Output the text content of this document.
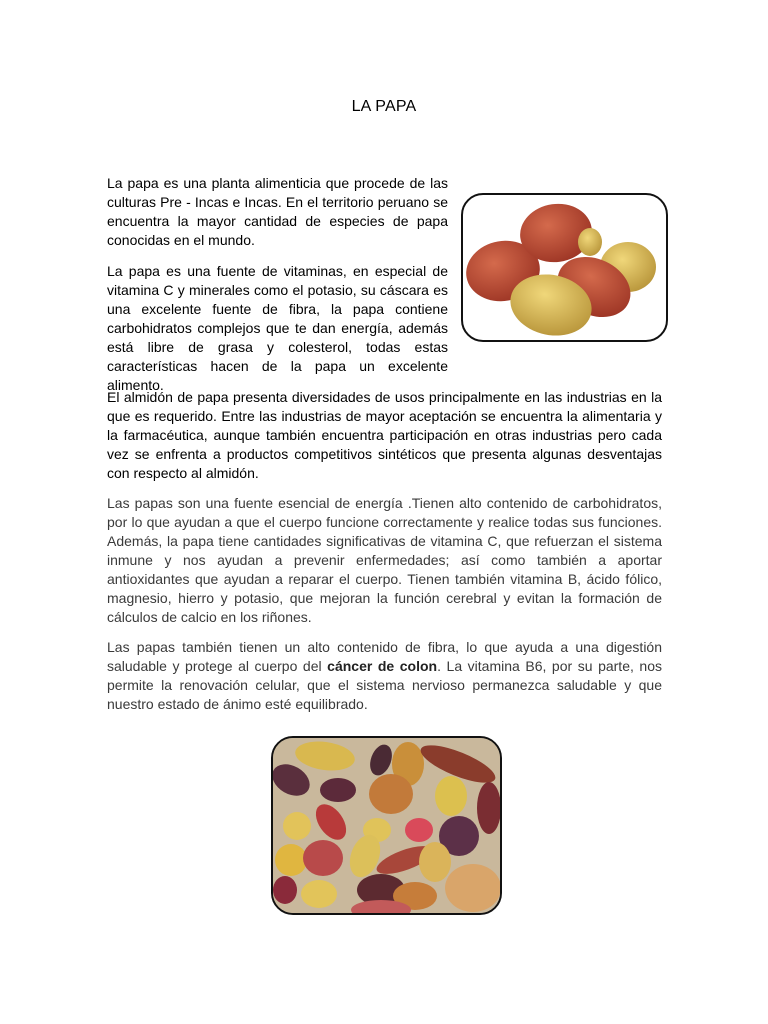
LA PAPA

La papa es una planta alimenticia que procede de las culturas Pre - Incas e Incas. En el territorio peruano se encuentra la mayor cantidad de especies de papa conocidas en el mundo.

La papa es una fuente de vitaminas, en especial de vitamina C y minerales como el potasio, su cáscara es una excelente fuente de fibra, la papa contiene carbohidratos complejos que te dan energía, además está libre de grasa y colesterol, todas estas características hacen de la papa un excelente alimento.

El almidón de papa presenta diversidades de usos principalmente en las industrias en la que es requerido. Entre las industrias de mayor aceptación se encuentra la alimentaria y la farmacéutica, aunque también encuentra participación en otras industrias pero cada vez se enfrenta a productos competitivos sintéticos que presenta algunas desventajas con respecto al almidón.

Las papas son una fuente esencial de energía .Tienen alto contenido de carbohidratos, por lo que ayudan a que el cuerpo funcione correctamente y realice todas sus funciones. Además, la papa tiene cantidades significativas de vitamina C, que refuerzan el sistema inmune y nos ayudan a prevenir enfermedades; así como también a aportar antioxidantes que ayudan a reparar el cuerpo. Tienen también vitamina B, ácido fólico, magnesio, hierro y potasio, que mejoran la función cerebral y evitan la formación de cálculos de calcio en los riñones.

Las papas también tienen un alto contenido de fibra, lo que ayuda a una digestión saludable y protege al cuerpo del cáncer de colon. La vitamina B6, por su parte, nos permite la renovación celular, que el sistema nervioso permanezca saludable y que nuestro estado de ánimo esté equilibrado.
